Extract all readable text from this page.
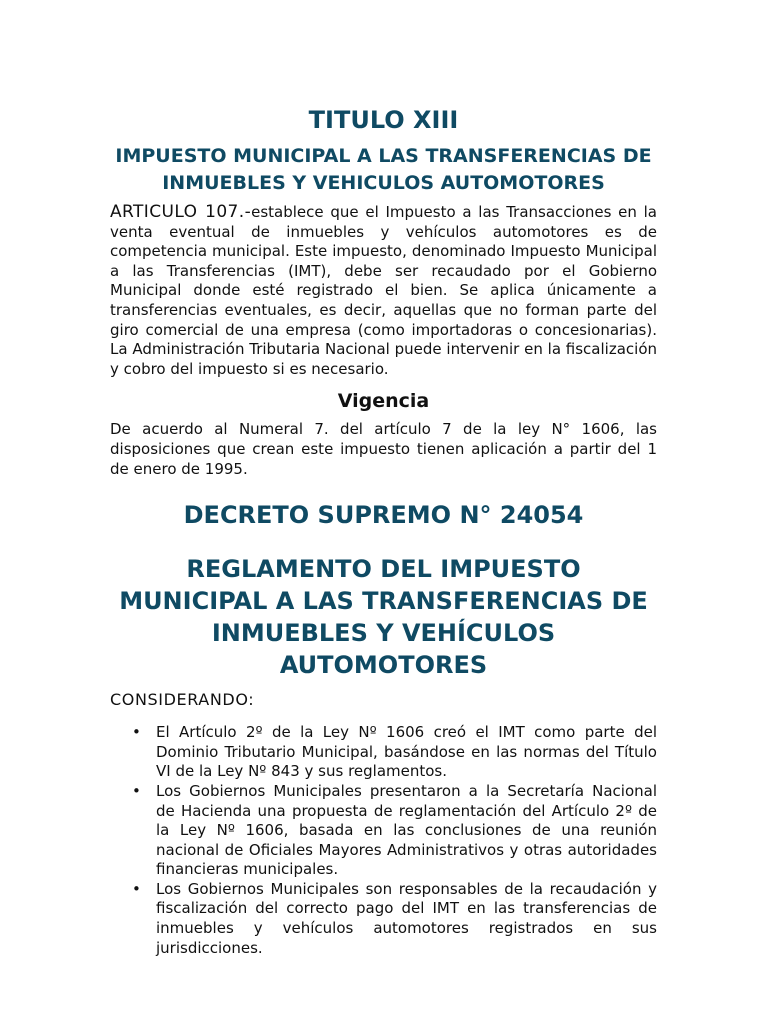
TITULO XIII
IMPUESTO MUNICIPAL A LAS TRANSFERENCIAS DE INMUEBLES Y VEHICULOS AUTOMOTORES

ARTICULO 107.-establece que el Impuesto a las Transacciones en la venta eventual de inmuebles y vehículos automotores es de competencia municipal. Este impuesto, denominado Impuesto Municipal a las Transferencias (IMT), debe ser recaudado por el Gobierno Municipal donde esté registrado el bien. Se aplica únicamente a transferencias eventuales, es decir, aquellas que no forman parte del giro comercial de una empresa (como importadoras o concesionarias). La Administración Tributaria Nacional puede intervenir en la fiscalización y cobro del impuesto si es necesario.

Vigencia

De acuerdo al Numeral 7. del artículo 7 de la ley N° 1606, las disposiciones que crean este impuesto tienen aplicación a partir del 1 de enero de 1995.

DECRETO SUPREMO N° 24054
REGLAMENTO DEL IMPUESTO MUNICIPAL A LAS TRANSFERENCIAS DE INMUEBLES Y VEHÍCULOS AUTOMOTORES

CONSIDERANDO:

• El Artículo 2º de la Ley Nº 1606 creó el IMT como parte del Dominio Tributario Municipal, basándose en las normas del Título VI de la Ley Nº 843 y sus reglamentos.
• Los Gobiernos Municipales presentaron a la Secretaría Nacional de Hacienda una propuesta de reglamentación del Artículo 2º de la Ley Nº 1606, basada en las conclusiones de una reunión nacional de Oficiales Mayores Administrativos y otras autoridades financieras municipales.
• Los Gobiernos Municipales son responsables de la recaudación y fiscalización del correcto pago del IMT en las transferencias de inmuebles y vehículos automotores registrados en sus jurisdicciones.
